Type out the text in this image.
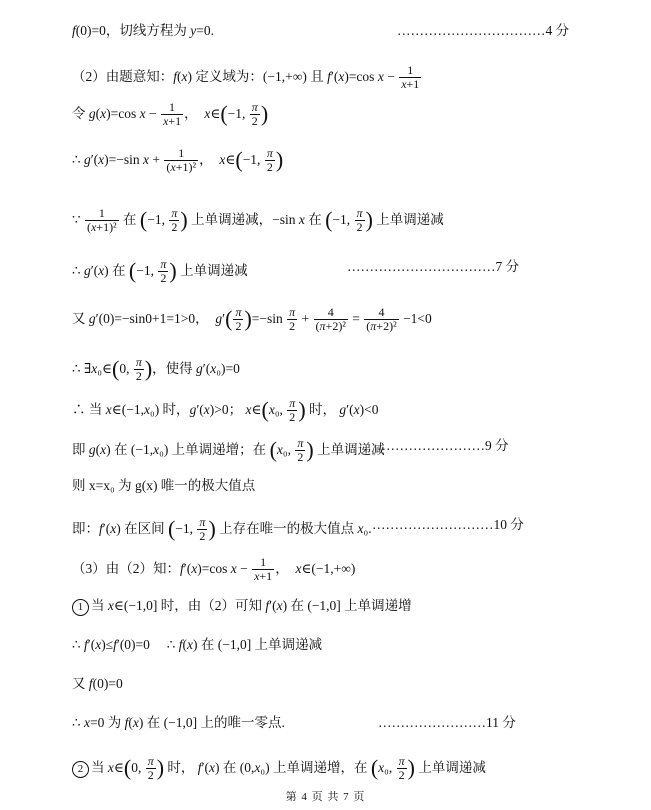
f(0)=0，切线方程为 y=0.	……………………………4 分
（2）由题意知：f(x) 定义域为：(−1,+∞) 且 f′(x)=cos $x - \frac{1}{x+1}$
令 g(x)=cos $x - \frac{1}{x+1}$ ，  x∈(−1, $\frac{\pi}{2}$ )
∴ g′(x)=−sin $x + \frac{1}{\text{(x+1)²}}$ ，  x∈(−1, $\frac{\pi}{2}$ )
∵ $\frac{1}{\text{(x+1)²}}$ 在 (−1, $\frac{\pi}{2}$ ) 上单调递减，−sin x 在 (−1, $\frac{\pi}{2}$ ) 上单调递减
∴ g′(x) 在 (−1, $\frac{\pi}{2}$ ) 上单调递减	……………………………7 分
又 g′(0)=−sin0+1=1>0，  $g'( \frac{\pi}{2} )=-\sin \frac{\pi}{2} + \frac{4}{\text{(π+2)²}} = \frac{4}{\text{(π+2)²}} -1<0$
∴ ∃x₀∈(0, $\frac{\pi}{2}$ )，使得 g′(x₀)=0
∴ 当 x∈(−1,x₀) 时，g′(x)>0； x∈(x₀, $\frac{\pi}{2}$ ) 时， g′(x)<0
即 g(x) 在 (−1,x₀) 上单调递增；在 (x₀, $\frac{\pi}{2}$ ) 上单调递减
……………………9 分
则 x=x₀ 为 g(x) 唯一的极大值点
即：f′(x) 在区间 (−1, $\frac{\pi}{2}$ ) 上存在唯一的极大值点 x₀. ………………………10 分
（3）由（2）知：f′(x)=cos $x - \frac{1}{x+1}$ ，  x∈(−1,+∞)
1 当 x∈(−1,0] 时，由（2）可知 f′(x) 在 (−1,0] 上单调递增
∴ f′(x)≤f′(0)=0     ∴ f(x) 在 (−1,0] 上单调递减
又 f(0)=0
∴ x=0 为 f(x) 在 (−1,0] 上的唯一零点.	……………………11 分
2 当 x∈(0, $\frac{\pi}{2}$ ) 时， f′(x) 在 (0,x₀) 上单调递增，在 (x₀, $\frac{\pi}{2}$ ) 上单调递减
第 4 页 共 7 页
